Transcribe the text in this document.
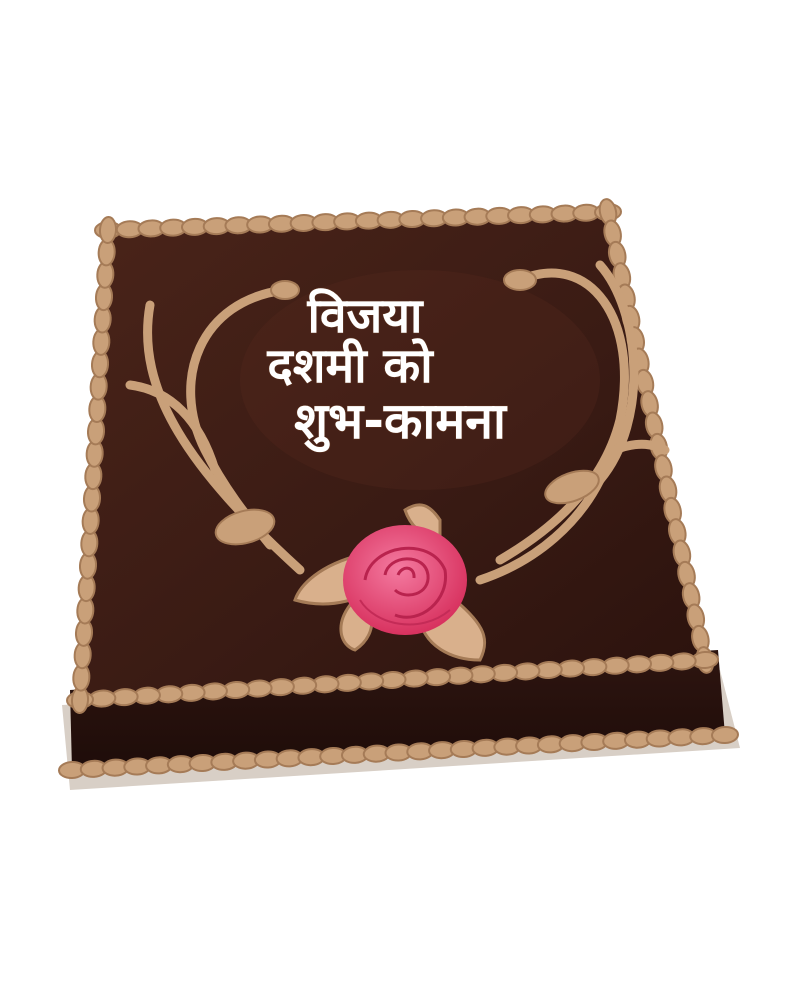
विजया
दशमी को
शुभ-कामना
